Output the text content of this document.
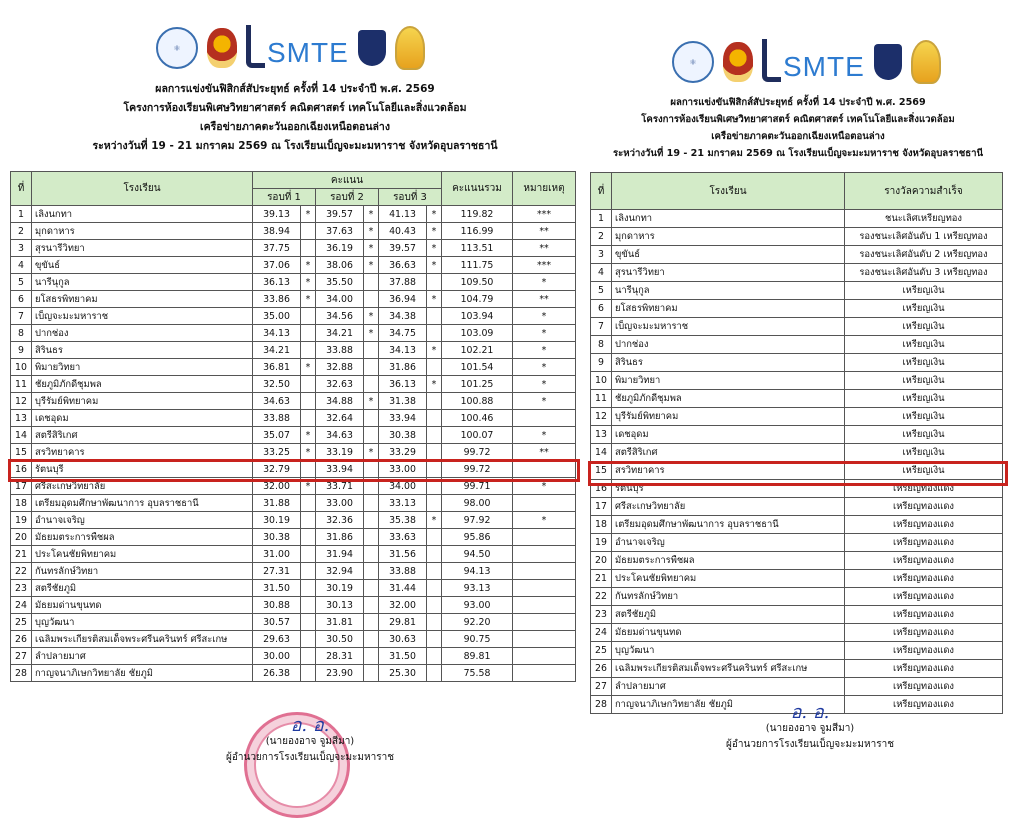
⚛	SMTE
ผลการแข่งขันฟิสิกส์สัประยุทธ์ ครั้งที่ 14 ประจำปี พ.ศ. 2569
โครงการห้องเรียนพิเศษวิทยาศาสตร์ คณิตศาสตร์ เทคโนโลยีและสิ่งแวดล้อม
เครือข่ายภาคตะวันออกเฉียงเหนือตอนล่าง
ระหว่างวันที่ 19 - 21 มกราคม 2569 ณ โรงเรียนเบ็ญจะมะมหาราช จังหวัดอุบลราชธานี
ที่	โรงเรียน	คะแนน						คะแนนรวม	หมายเหตุ
		รอบที่ 1		รอบที่ 2		รอบที่ 3			
1	เลิงนกทา	39.13	*	39.57	*	41.13	*	119.82	***
2	มุกดาหาร	38.94		37.63	*	40.43	*	116.99	**
3	สุรนารีวิทยา	37.75		36.19	*	39.57	*	113.51	**
4	ขุขันธ์	37.06	*	38.06	*	36.63	*	111.75	***
5	นารีนุกูล	36.13	*	35.50		37.88		109.50	*
6	ยโสธรพิทยาคม	33.86	*	34.00		36.94	*	104.79	**
7	เบ็ญจะมะมหาราช	35.00		34.56	*	34.38		103.94	*
8	ปากช่อง	34.13		34.21	*	34.75		103.09	*
9	สิรินธร	34.21		33.88		34.13	*	102.21	*
10	พิมายวิทยา	36.81	*	32.88		31.86		101.54	*
11	ชัยภูมิภักดีชุมพล	32.50		32.63		36.13	*	101.25	*
12	บุรีรัมย์พิทยาคม	34.63		34.88	*	31.38		100.88	*
13	เดชอุดม	33.88		32.64		33.94		100.46	
14	สตรีสิริเกศ	35.07	*	34.63		30.38		100.07	*
15	สรวิทยาคาร	33.25	*	33.19	*	33.29		99.72	**
16	รัตนบุรี	32.79		33.94		33.00		99.72	
17	ศรีสะเกษวิทยาลัย	32.00	*	33.71		34.00		99.71	*
18	เตรียมอุดมศึกษาพัฒนาการ อุบลราชธานี	31.88		33.00		33.13		98.00	
19	อำนาจเจริญ	30.19		32.36		35.38	*	97.92	*
20	มัธยมตระการพืชผล	30.38		31.86		33.63		95.86	
21	ประโคนชัยพิทยาคม	31.00		31.94		31.56		94.50	
22	กันทรลักษ์วิทยา	27.31		32.94		33.88		94.13	
23	สตรีชัยภูมิ	31.50		30.19		31.44		93.13	
24	มัธยมด่านขุนทด	30.88		30.13		32.00		93.00	
25	บุญวัฒนา	30.57		31.81		29.81		92.20	
26	เฉลิมพระเกียรติสมเด็จพระศรีนครินทร์ ศรีสะเกษ	29.63		30.50		30.63		90.75	
27	ลำปลายมาศ	30.00		28.31		31.50		89.81	
28	กาญจนาภิเษกวิทยาลัย ชัยภูมิ	26.38		23.90		25.30		75.58	
อ. อ.
(นายองอาจ จูมสีมา)
ผู้อำนวยการโรงเรียนเบ็ญจะมะมหาราช
⚛	SMTE
ผลการแข่งขันฟิสิกส์สัประยุทธ์ ครั้งที่ 14 ประจำปี พ.ศ. 2569
โครงการห้องเรียนพิเศษวิทยาศาสตร์ คณิตศาสตร์ เทคโนโลยีและสิ่งแวดล้อม
เครือข่ายภาคตะวันออกเฉียงเหนือตอนล่าง
ระหว่างวันที่ 19 - 21 มกราคม 2569 ณ โรงเรียนเบ็ญจะมะมหาราช จังหวัดอุบลราชธานี
ที่	โรงเรียน	รางวัลความสำเร็จ
1	เลิงนกทา	ชนะเลิศเหรียญทอง
2	มุกดาหาร	รองชนะเลิศอันดับ 1 เหรียญทอง
3	ขุขันธ์	รองชนะเลิศอันดับ 2 เหรียญทอง
4	สุรนารีวิทยา	รองชนะเลิศอันดับ 3 เหรียญทอง
5	นารีนุกูล	เหรียญเงิน
6	ยโสธรพิทยาคม	เหรียญเงิน
7	เบ็ญจะมะมหาราช	เหรียญเงิน
8	ปากช่อง	เหรียญเงิน
9	สิรินธร	เหรียญเงิน
10	พิมายวิทยา	เหรียญเงิน
11	ชัยภูมิภักดีชุมพล	เหรียญเงิน
12	บุรีรัมย์พิทยาคม	เหรียญเงิน
13	เดชอุดม	เหรียญเงิน
14	สตรีสิริเกศ	เหรียญเงิน
15	สรวิทยาคาร	เหรียญเงิน
16	รัตนบุรี	เหรียญทองแดง
17	ศรีสะเกษวิทยาลัย	เหรียญทองแดง
18	เตรียมอุดมศึกษาพัฒนาการ อุบลราชธานี	เหรียญทองแดง
19	อำนาจเจริญ	เหรียญทองแดง
20	มัธยมตระการพืชผล	เหรียญทองแดง
21	ประโคนชัยพิทยาคม	เหรียญทองแดง
22	กันทรลักษ์วิทยา	เหรียญทองแดง
23	สตรีชัยภูมิ	เหรียญทองแดง
24	มัธยมด่านขุนทด	เหรียญทองแดง
25	บุญวัฒนา	เหรียญทองแดง
26	เฉลิมพระเกียรติสมเด็จพระศรีนครินทร์ ศรีสะเกษ	เหรียญทองแดง
27	ลำปลายมาศ	เหรียญทองแดง
28	กาญจนาภิเษกวิทยาลัย ชัยภูมิ	เหรียญทองแดง
อ. อ.
(นายองอาจ จูมสีมา)
ผู้อำนวยการโรงเรียนเบ็ญจะมะมหาราช
